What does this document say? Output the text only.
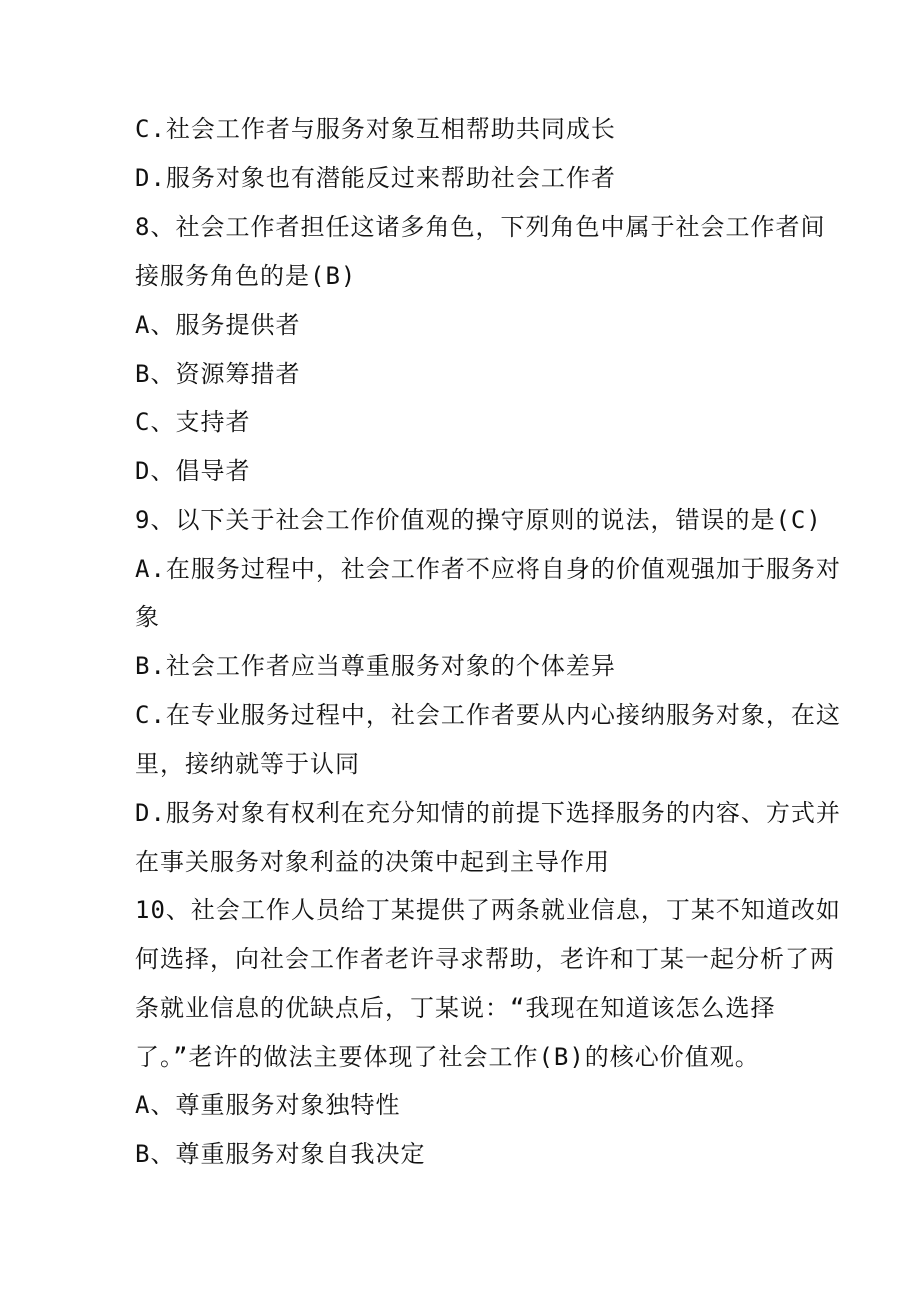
C.社会工作者与服务对象互相帮助共同成长
D.服务对象也有潜能反过来帮助社会工作者
8、社会工作者担任这诸多角色，下列角色中属于社会工作者间
接服务角色的是(B)
A、服务提供者
B、资源筹措者
C、支持者
D、倡导者
9、以下关于社会工作价值观的操守原则的说法，错误的是(C)
A.在服务过程中，社会工作者不应将自身的价值观强加于服务对
象
B.社会工作者应当尊重服务对象的个体差异
C.在专业服务过程中，社会工作者要从内心接纳服务对象，在这
里，接纳就等于认同
D.服务对象有权利在充分知情的前提下选择服务的内容、方式并
在事关服务对象利益的决策中起到主导作用
10、社会工作人员给丁某提供了两条就业信息，丁某不知道改如
何选择，向社会工作者老许寻求帮助，老许和丁某一起分析了两
条就业信息的优缺点后，丁某说：“我现在知道该怎么选择
了。”老许的做法主要体现了社会工作(B)的核心价值观。
A、尊重服务对象独特性
B、尊重服务对象自我决定
